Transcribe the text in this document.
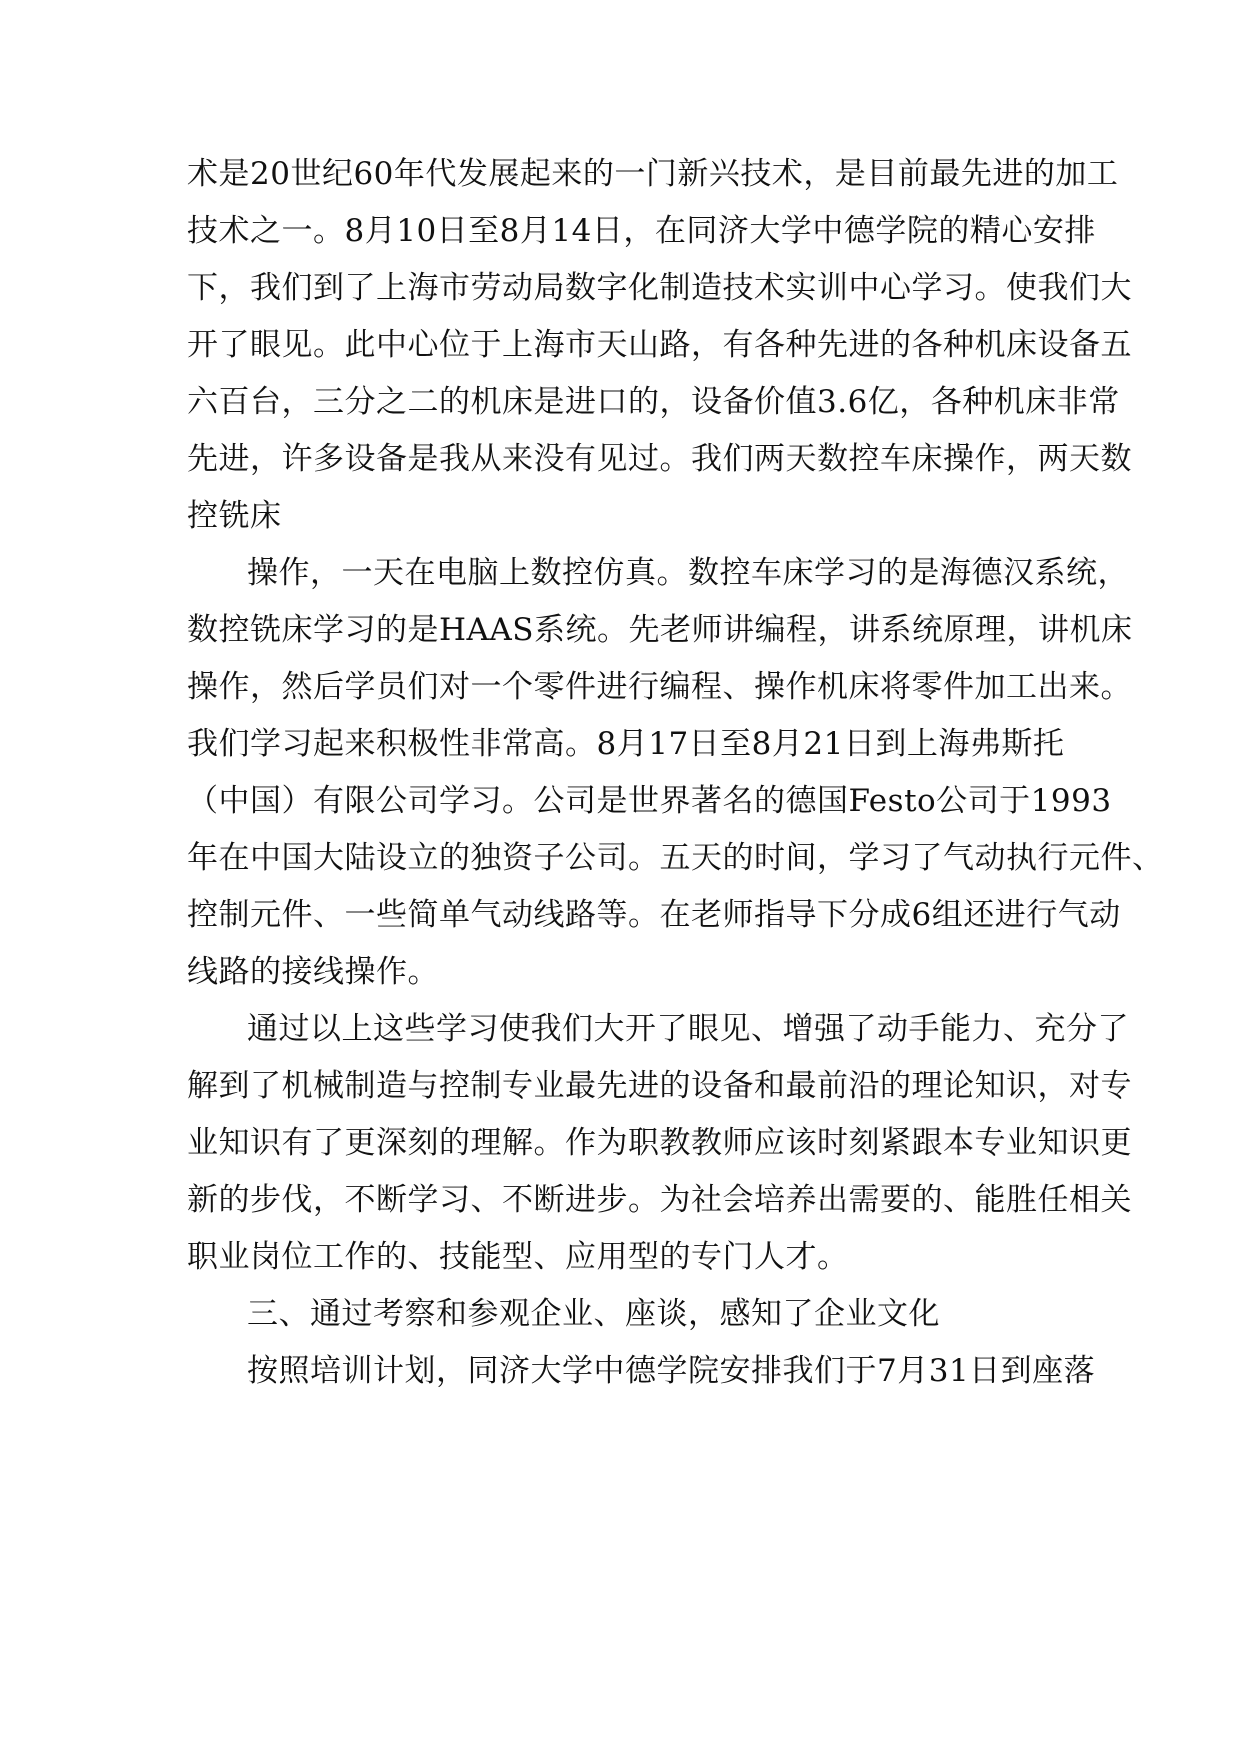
术是20世纪60年代发展起来的一门新兴技术，是目前最先进的加工
技术之一。8月10日至8月14日，在同济大学中德学院的精心安排
下，我们到了上海市劳动局数字化制造技术实训中心学习。使我们大
开了眼见。此中心位于上海市天山路，有各种先进的各种机床设备五
六百台，三分之二的机床是进口的，设备价值3.6亿，各种机床非常
先进，许多设备是我从来没有见过。我们两天数控车床操作，两天数
控铣床
操作，一天在电脑上数控仿真。数控车床学习的是海德汉系统，
数控铣床学习的是HAAS系统。先老师讲编程，讲系统原理，讲机床
操作，然后学员们对一个零件进行编程、操作机床将零件加工出来。
我们学习起来积极性非常高。8月17日至8月21日到上海弗斯托
（中国）有限公司学习。公司是世界著名的德国Festo公司于1993
年在中国大陆设立的独资子公司。五天的时间，学习了气动执行元件、
控制元件、一些简单气动线路等。在老师指导下分成6组还进行气动
线路的接线操作。
通过以上这些学习使我们大开了眼见、增强了动手能力、充分了
解到了机械制造与控制专业最先进的设备和最前沿的理论知识，对专
业知识有了更深刻的理解。作为职教教师应该时刻紧跟本专业知识更
新的步伐，不断学习、不断进步。为社会培养出需要的、能胜任相关
职业岗位工作的、技能型、应用型的专门人才。
三、通过考察和参观企业、座谈，感知了企业文化
按照培训计划，同济大学中德学院安排我们于7月31日到座落
